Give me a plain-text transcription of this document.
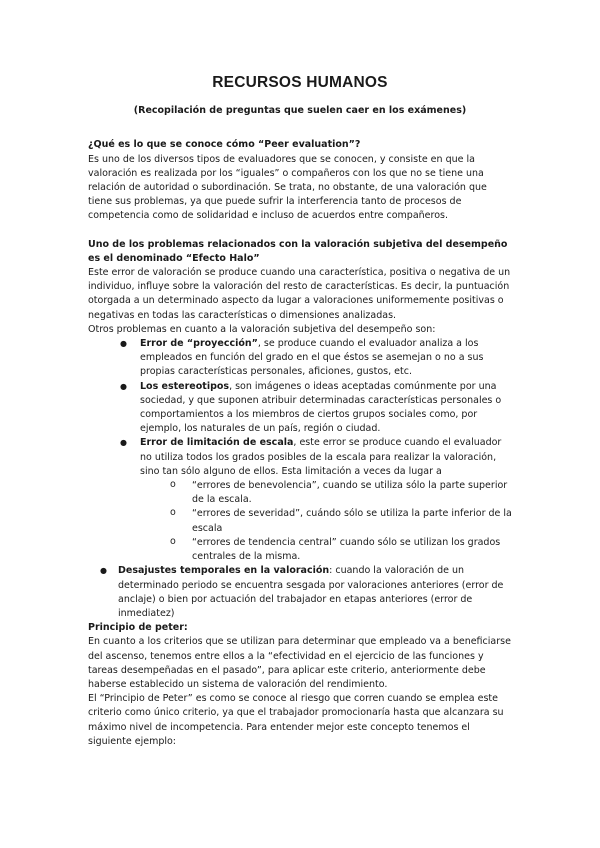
RECURSOS HUMANOS

(Recopilación de preguntas que suelen caer en los exámenes)

¿Qué es lo que se conoce cómo “Peer evaluation”?

Es uno de los diversos tipos de evaluadores que se conocen, y consiste en que la valoración es realizada por los “iguales” o compañeros con los que no se tiene una relación de autoridad o subordinación. Se trata, no obstante, de una valoración que tiene sus problemas, ya que puede sufrir la interferencia tanto de procesos de competencia como de solidaridad e incluso de acuerdos entre compañeros.

Uno de los problemas relacionados con la valoración subjetiva del desempeño es el denominado “Efecto Halo”

Este error de valoración se produce cuando una característica, positiva o negativa de un individuo, influye sobre la valoración del resto de características. Es decir, la puntuación otorgada a un determinado aspecto da lugar a valoraciones uniformemente positivas o negativas en todas las características o dimensiones analizadas.

Otros problemas en cuanto a la valoración subjetiva del desempeño son:

● Error de “proyección”, se produce cuando el evaluador analiza a los empleados en función del grado en el que éstos se asemejan o no a sus propias características personales, aficiones, gustos, etc.
● Los estereotipos, son imágenes o ideas aceptadas comúnmente por una sociedad, y que suponen atribuir determinadas características personales o comportamientos a los miembros de ciertos grupos sociales como, por ejemplo, los naturales de un país, región o ciudad.
● Error de limitación de escala, este error se produce cuando el evaluador no utiliza todos los grados posibles de la escala para realizar la valoración, sino tan sólo alguno de ellos. Esta limitación a veces da lugar a
o “errores de benevolencia”, cuando se utiliza sólo la parte superior de la escala.
o “errores de severidad”, cuándo sólo se utiliza la parte inferior de la escala
o “errores de tendencia central” cuando sólo se utilizan los grados centrales de la misma.
● Desajustes temporales en la valoración: cuando la valoración de un determinado periodo se encuentra sesgada por valoraciones anteriores (error de anclaje) o bien por actuación del trabajador en etapas anteriores (error de inmediatez)

Principio de peter:

En cuanto a los criterios que se utilizan para determinar que empleado va a beneficiarse del ascenso, tenemos entre ellos a la “efectividad en el ejercicio de las funciones y tareas desempeñadas en el pasado”, para aplicar este criterio, anteriormente debe haberse establecido un sistema de valoración del rendimiento.

El “Principio de Peter” es como se conoce al riesgo que corren cuando se emplea este criterio como único criterio, ya que el trabajador promocionaría hasta que alcanzara su máximo nivel de incompetencia. Para entender mejor este concepto tenemos el siguiente ejemplo:
